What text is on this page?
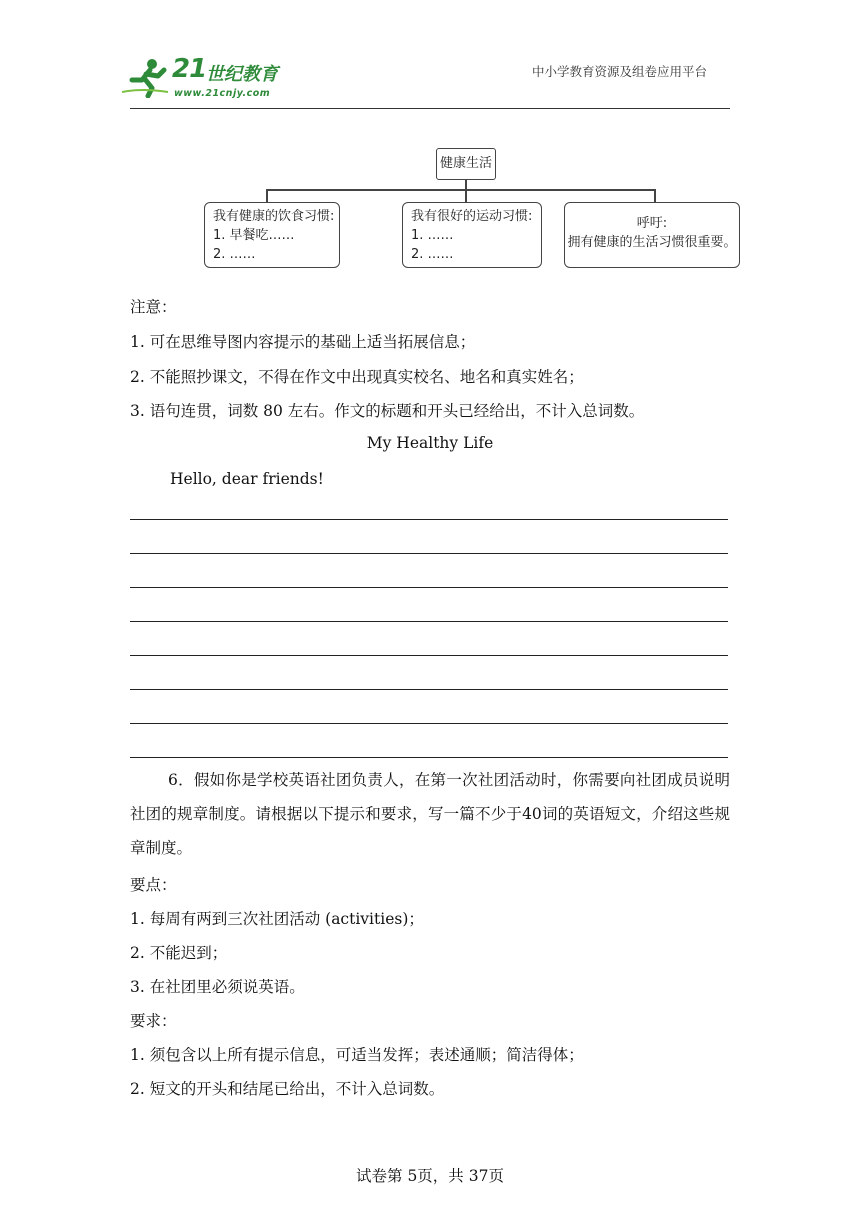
21 世纪教育
www.21cnjy.com
中小学教育资源及组卷应用平台
健康生活
我有健康的饮食习惯:
1. 早餐吃……
2. ……
我有很好的运动习惯:
1. ……
2. ……
呼吁:
拥有健康的生活习惯很重要。
注意：
1. 可在思维导图内容提示的基础上适当拓展信息；
2. 不能照抄课文，不得在作文中出现真实校名、地名和真实姓名；
3. 语句连贯，词数 80 左右。作文的标题和开头已经给出，不计入总词数。
My Healthy Life
Hello, dear friends!
6．假如你是学校英语社团负责人，在第一次社团活动时，你需要向社团成员说明社团的规章制度。请根据以下提示和要求，写一篇不少于40词的英语短文，介绍这些规章制度。
要点：
1. 每周有两到三次社团活动 (activities)；
2. 不能迟到；
3. 在社团里必须说英语。
要求：
1. 须包含以上所有提示信息，可适当发挥；表述通顺；简洁得体；
2. 短文的开头和结尾已给出，不计入总词数。
试卷第 5页，共 37页
